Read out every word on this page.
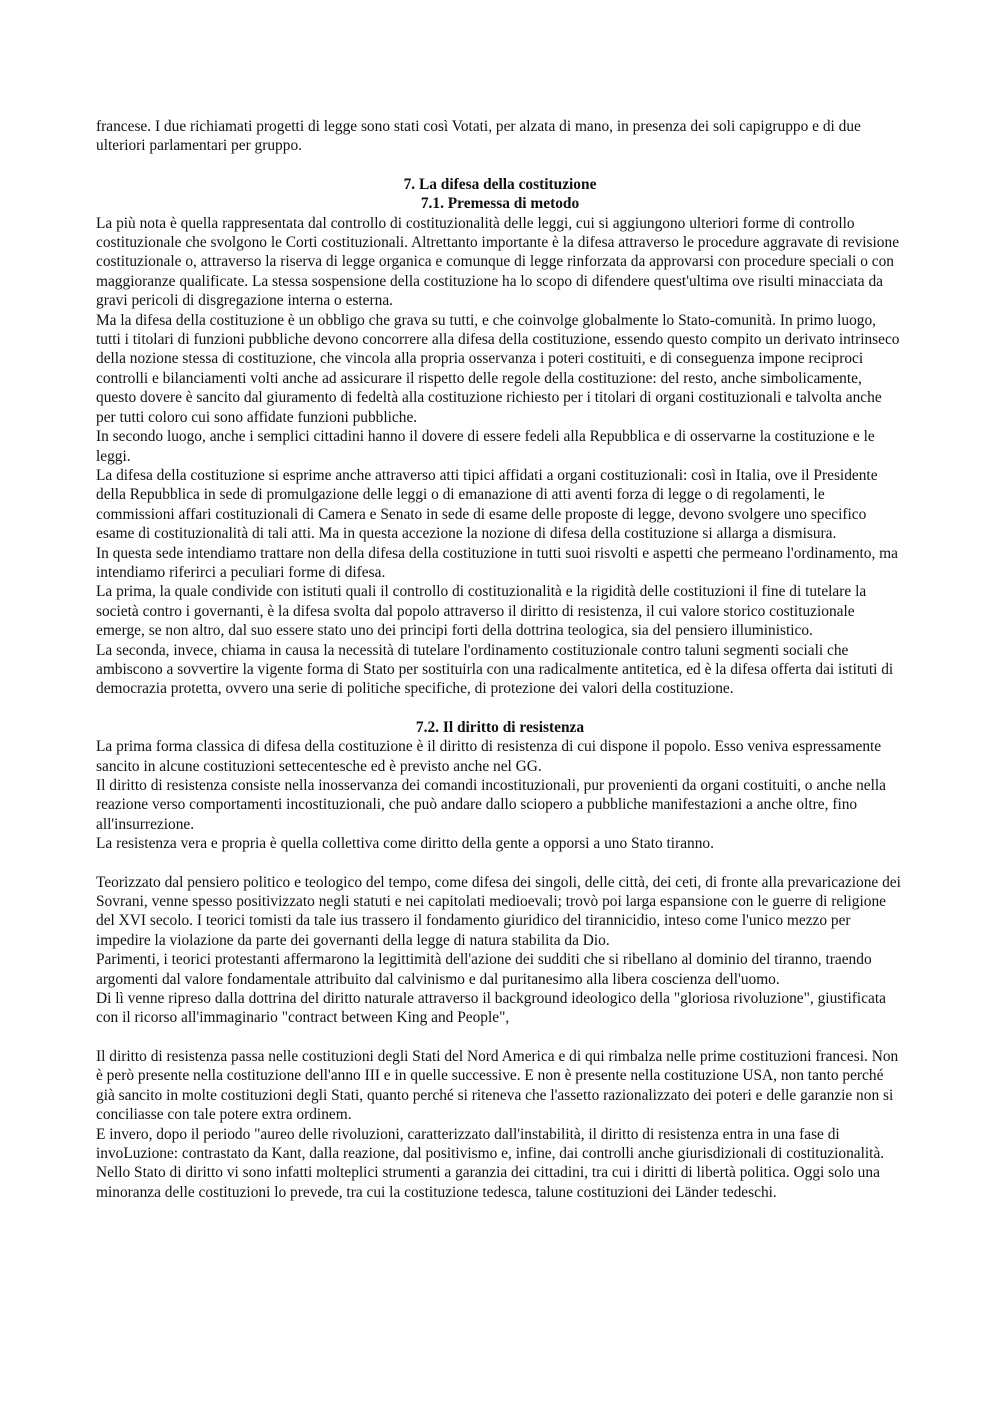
francese. I due richiamati progetti di legge sono stati così Votati, per alzata di mano, in presenza dei soli capigruppo e di due ulteriori parlamentari per gruppo.

7. La difesa della costituzione

7.1. Premessa di metodo

La più nota è quella rappresentata dal controllo di costituzionalità delle leggi, cui si aggiungono ulteriori forme di controllo costituzionale che svolgono le Corti costituzionali. Altrettanto importante è la difesa attraverso le procedure aggravate di revisione costituzionale o, attraverso la riserva di legge organica e comunque di legge rinforzata da approvarsi con procedure speciali o con maggioranze qualificate. La stessa sospensione della costituzione ha lo scopo di difendere quest'ultima ove risulti minacciata da gravi pericoli di disgregazione interna o esterna.

Ma la difesa della costituzione è un obbligo che grava su tutti, e che coinvolge globalmente lo Stato-comunità. In primo luogo, tutti i titolari di funzioni pubbliche devono concorrere alla difesa della costituzione, essendo questo compito un derivato intrinseco della nozione stessa di costituzione, che vincola alla propria osservanza i poteri costituiti, e di conseguenza impone reciproci controlli e bilanciamenti volti anche ad assicurare il rispetto delle regole della costituzione: del resto, anche simbolicamente, questo dovere è sancito dal giuramento di fedeltà alla costituzione richiesto per i titolari di organi costituzionali e talvolta anche per tutti coloro cui sono affidate funzioni pubbliche.

In secondo luogo, anche i semplici cittadini hanno il dovere di essere fedeli alla Repubblica e di osservarne la costituzione e le leggi.

La difesa della costituzione si esprime anche attraverso atti tipici affidati a organi costituzionali: così in Italia, ove il Presidente della Repubblica in sede di promulgazione delle leggi o di emanazione di atti aventi forza di legge o di regolamenti, le commissioni affari costituzionali di Camera e Senato in sede di esame delle proposte di legge, devono svolgere uno specifico esame di costituzionalità di tali atti. Ma in questa accezione la nozione di difesa della costituzione si allarga a dismisura.

In questa sede intendiamo trattare non della difesa della costituzione in tutti suoi risvolti e aspetti che permeano l'ordinamento, ma intendiamo riferirci a peculiari forme di difesa.

La prima, la quale condivide con istituti quali il controllo di costituzionalità e la rigidità delle costituzioni il fine di tutelare la società contro i governanti, è la difesa svolta dal popolo attraverso il diritto di resistenza, il cui valore storico costituzionale emerge, se non altro, dal suo essere stato uno dei principi forti della dottrina teologica, sia del pensiero illuministico.

La seconda, invece, chiama in causa la necessità di tutelare l'ordinamento costituzionale contro taluni segmenti sociali che ambiscono a sovvertire la vigente forma di Stato per sostituirla con una radicalmente antitetica, ed è la difesa offerta dai istituti di democrazia protetta, ovvero una serie di politiche specifiche, di protezione dei valori della costituzione.

7.2. Il diritto di resistenza

La prima forma classica di difesa della costituzione è il diritto di resistenza di cui dispone il popolo. Esso veniva espressamente sancito in alcune costituzioni settecentesche ed è previsto anche nel GG.

Il diritto di resistenza consiste nella inosservanza dei comandi incostituzionali, pur provenienti da organi costituiti, o anche nella reazione verso comportamenti incostituzionali, che può andare dallo sciopero a pubbliche manifestazioni a anche oltre, fino all'insurrezione.

La resistenza vera e propria è quella collettiva come diritto della gente a opporsi a uno Stato tiranno.

Teorizzato dal pensiero politico e teologico del tempo, come difesa dei singoli, delle città, dei ceti, di fronte alla prevaricazione dei Sovrani, venne spesso positivizzato negli statuti e nei capitolati medioevali; trovò poi larga espansione con le guerre di religione del XVI secolo. I teorici tomisti da tale ius trassero il fondamento giuridico del tirannicidio, inteso come l'unico mezzo per impedire la violazione da parte dei governanti della legge di natura stabilita da Dio.

Parimenti, i teorici protestanti affermarono la legittimità dell'azione dei sudditi che si ribellano al dominio del tiranno, traendo argomenti dal valore fondamentale attribuito dal calvinismo e dal puritanesimo alla libera coscienza dell'uomo.

Di lì venne ripreso dalla dottrina del diritto naturale attraverso il background ideologico della "gloriosa rivoluzione", giustificata con il ricorso all'immaginario "contract between King and People",

Il diritto di resistenza passa nelle costituzioni degli Stati del Nord America e di qui rimbalza nelle prime costituzioni francesi. Non è però presente nella costituzione dell'anno III e in quelle successive. E non è presente nella costituzione USA, non tanto perché già sancito in molte costituzioni degli Stati, quanto perché si riteneva che l'assetto razionalizzato dei poteri e delle garanzie non si conciliasse con tale potere extra ordinem.

E invero, dopo il periodo "aureo delle rivoluzioni, caratterizzato dall'instabilità, il diritto di resistenza entra in una fase di invoLuzione: contrastato da Kant, dalla reazione, dal positivismo e, infine, dai controlli anche giurisdizionali di costituzionalità. Nello Stato di diritto vi sono infatti molteplici strumenti a garanzia dei cittadini, tra cui i diritti di libertà politica. Oggi solo una minoranza delle costituzioni lo prevede, tra cui la costituzione tedesca, talune costituzioni dei Länder tedeschi.
